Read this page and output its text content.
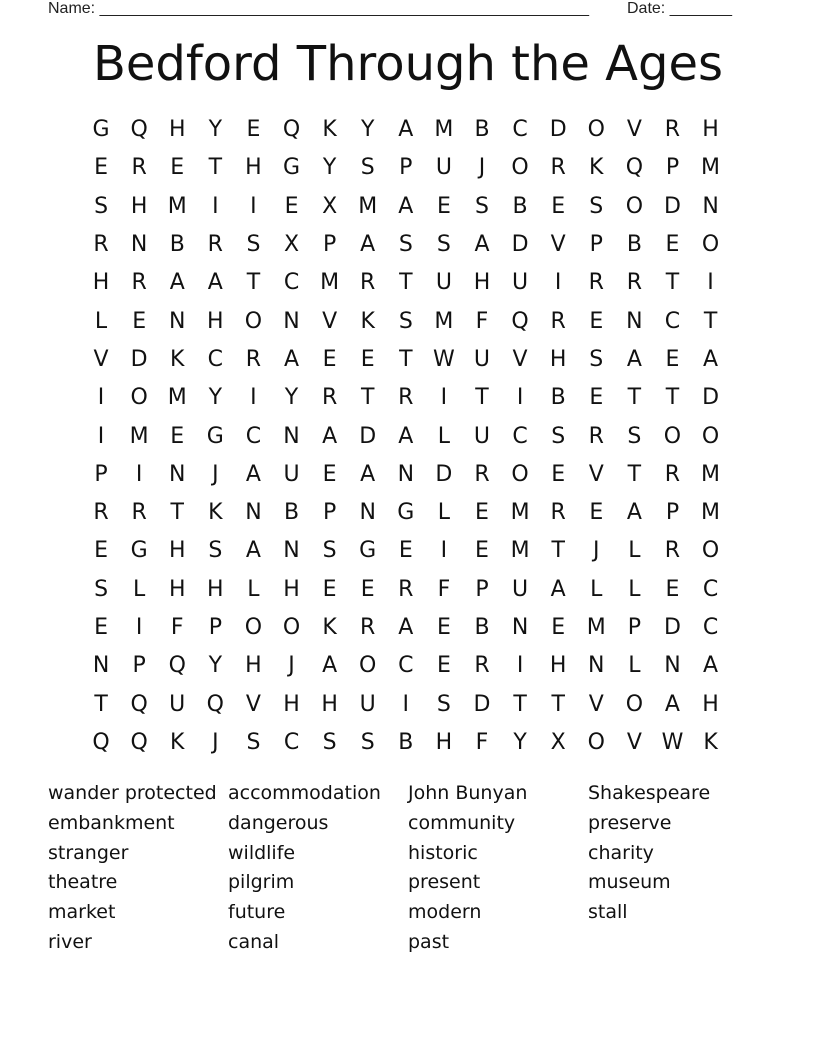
Name: _______________________________________________________ Date: _______
Bedford Through the Ages
G Q H	Y	E	Q	K	Y	A M B	C D O V	R	H
E	R	E	T	H G	Y	S	P	U	J	O R	K	Q	P M
S	H M	I	I	E	X M A	E	S	B	E	S	O D N
R	N	B	R	S	X	P	A	S	S	A	D	V	P	B	E	O
H	R	A	A	T	C M R	T	U H U	I	R	R	T	I
L	E	N H O N	V	K	S M	F	Q R	E	N	C	T
V	D	K	C	R	A	E	E	T W U	V	H	S	A	E	A
I	O M Y	I	Y	R	T	R	I	T	I	B	E	T	T	D
I	M E	G C	N	A	D	A	L	U	C	S	R	S	O O
P	I	N	J	A	U	E	A	N D R O	E	V	T	R M
R	R	T	K	N	B	P	N G	L	E M R	E	A	P M
E	G H	S	A	N	S	G	E	I	E M T	J	L	R O
S	L	H H	L	H	E	E	R	F	P	U	A	L	L	E	C
E	I	F	P	O O	K	R	A	E	B	N	E M P	D C
N	P	Q	Y	H	J	A O C	E	R	I	H N	L	N	A
T	Q U Q V	H H U	I	S	D	T	T	V O A	H
Q Q	K	J	S	C	S	S	B	H	F	Y	X O V W K
wander protected
embankment
stranger
theatre
market
river
accommodation
dangerous
wildlife
pilgrim
future
canal
John Bunyan
community
historic
present
modern
past
Shakespeare
preserve
charity
museum
stall
